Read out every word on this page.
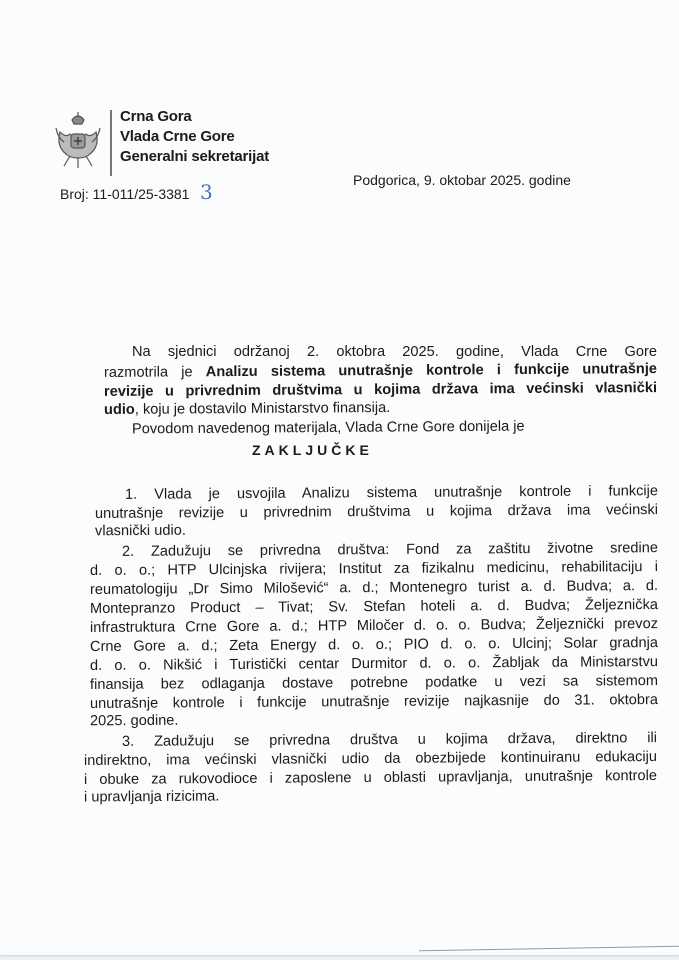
Crna Gora
Vlada Crne Gore
Generalni sekretarijat
Broj: 11-011/25-3381 3	Podgorica, 9. oktobar 2025. godine
Na sjednici održanoj 2. oktobra 2025. godine, Vlada Crne Gore
razmotrila je Analizu sistema unutrašnje kontrole i funkcije unutrašnje
revizije u privrednim društvima u kojima država ima većinski vlasnički
udio, koju je dostavilo Ministarstvo finansija.
Povodom navedenog materijala, Vlada Crne Gore donijela je
ZAKLJUČKE
1. Vlada je usvojila Analizu sistema unutrašnje kontrole i funkcije
unutrašnje revizije u privrednim društvima u kojima država ima većinski
vlasnički udio.
2. Zadužuju se privredna društva: Fond za zaštitu životne sredine
d. o. o.; HTP Ulcinjska rivijera; Institut za fizikalnu medicinu, rehabilitaciju i
reumatologiju „Dr Simo Milošević“ a. d.; Montenegro turist a. d. Budva; a. d.
Montepranzo Product – Tivat; Sv. Stefan hoteli a. d. Budva; Željeznička
infrastruktura Crne Gore a. d.; HTP Miločer d. o. o. Budva; Željeznički prevoz
Crne Gore a. d.; Zeta Energy d. o. o.; PIO d. o. o. Ulcinj; Solar gradnja
d. o. o. Nikšić i Turistički centar Durmitor d. o. o. Žabljak da Ministarstvu
finansija bez odlaganja dostave potrebne podatke u vezi sa sistemom
unutrašnje kontrole i funkcije unutrašnje revizije najkasnije do 31. oktobra
2025. godine.
3. Zadužuju se privredna društva u kojima država, direktno ili
indirektno, ima većinski vlasnički udio da obezbijede kontinuiranu edukaciju
i obuke za rukovodioce i zaposlene u oblasti upravljanja, unutrašnje kontrole
i upravljanja rizicima.
